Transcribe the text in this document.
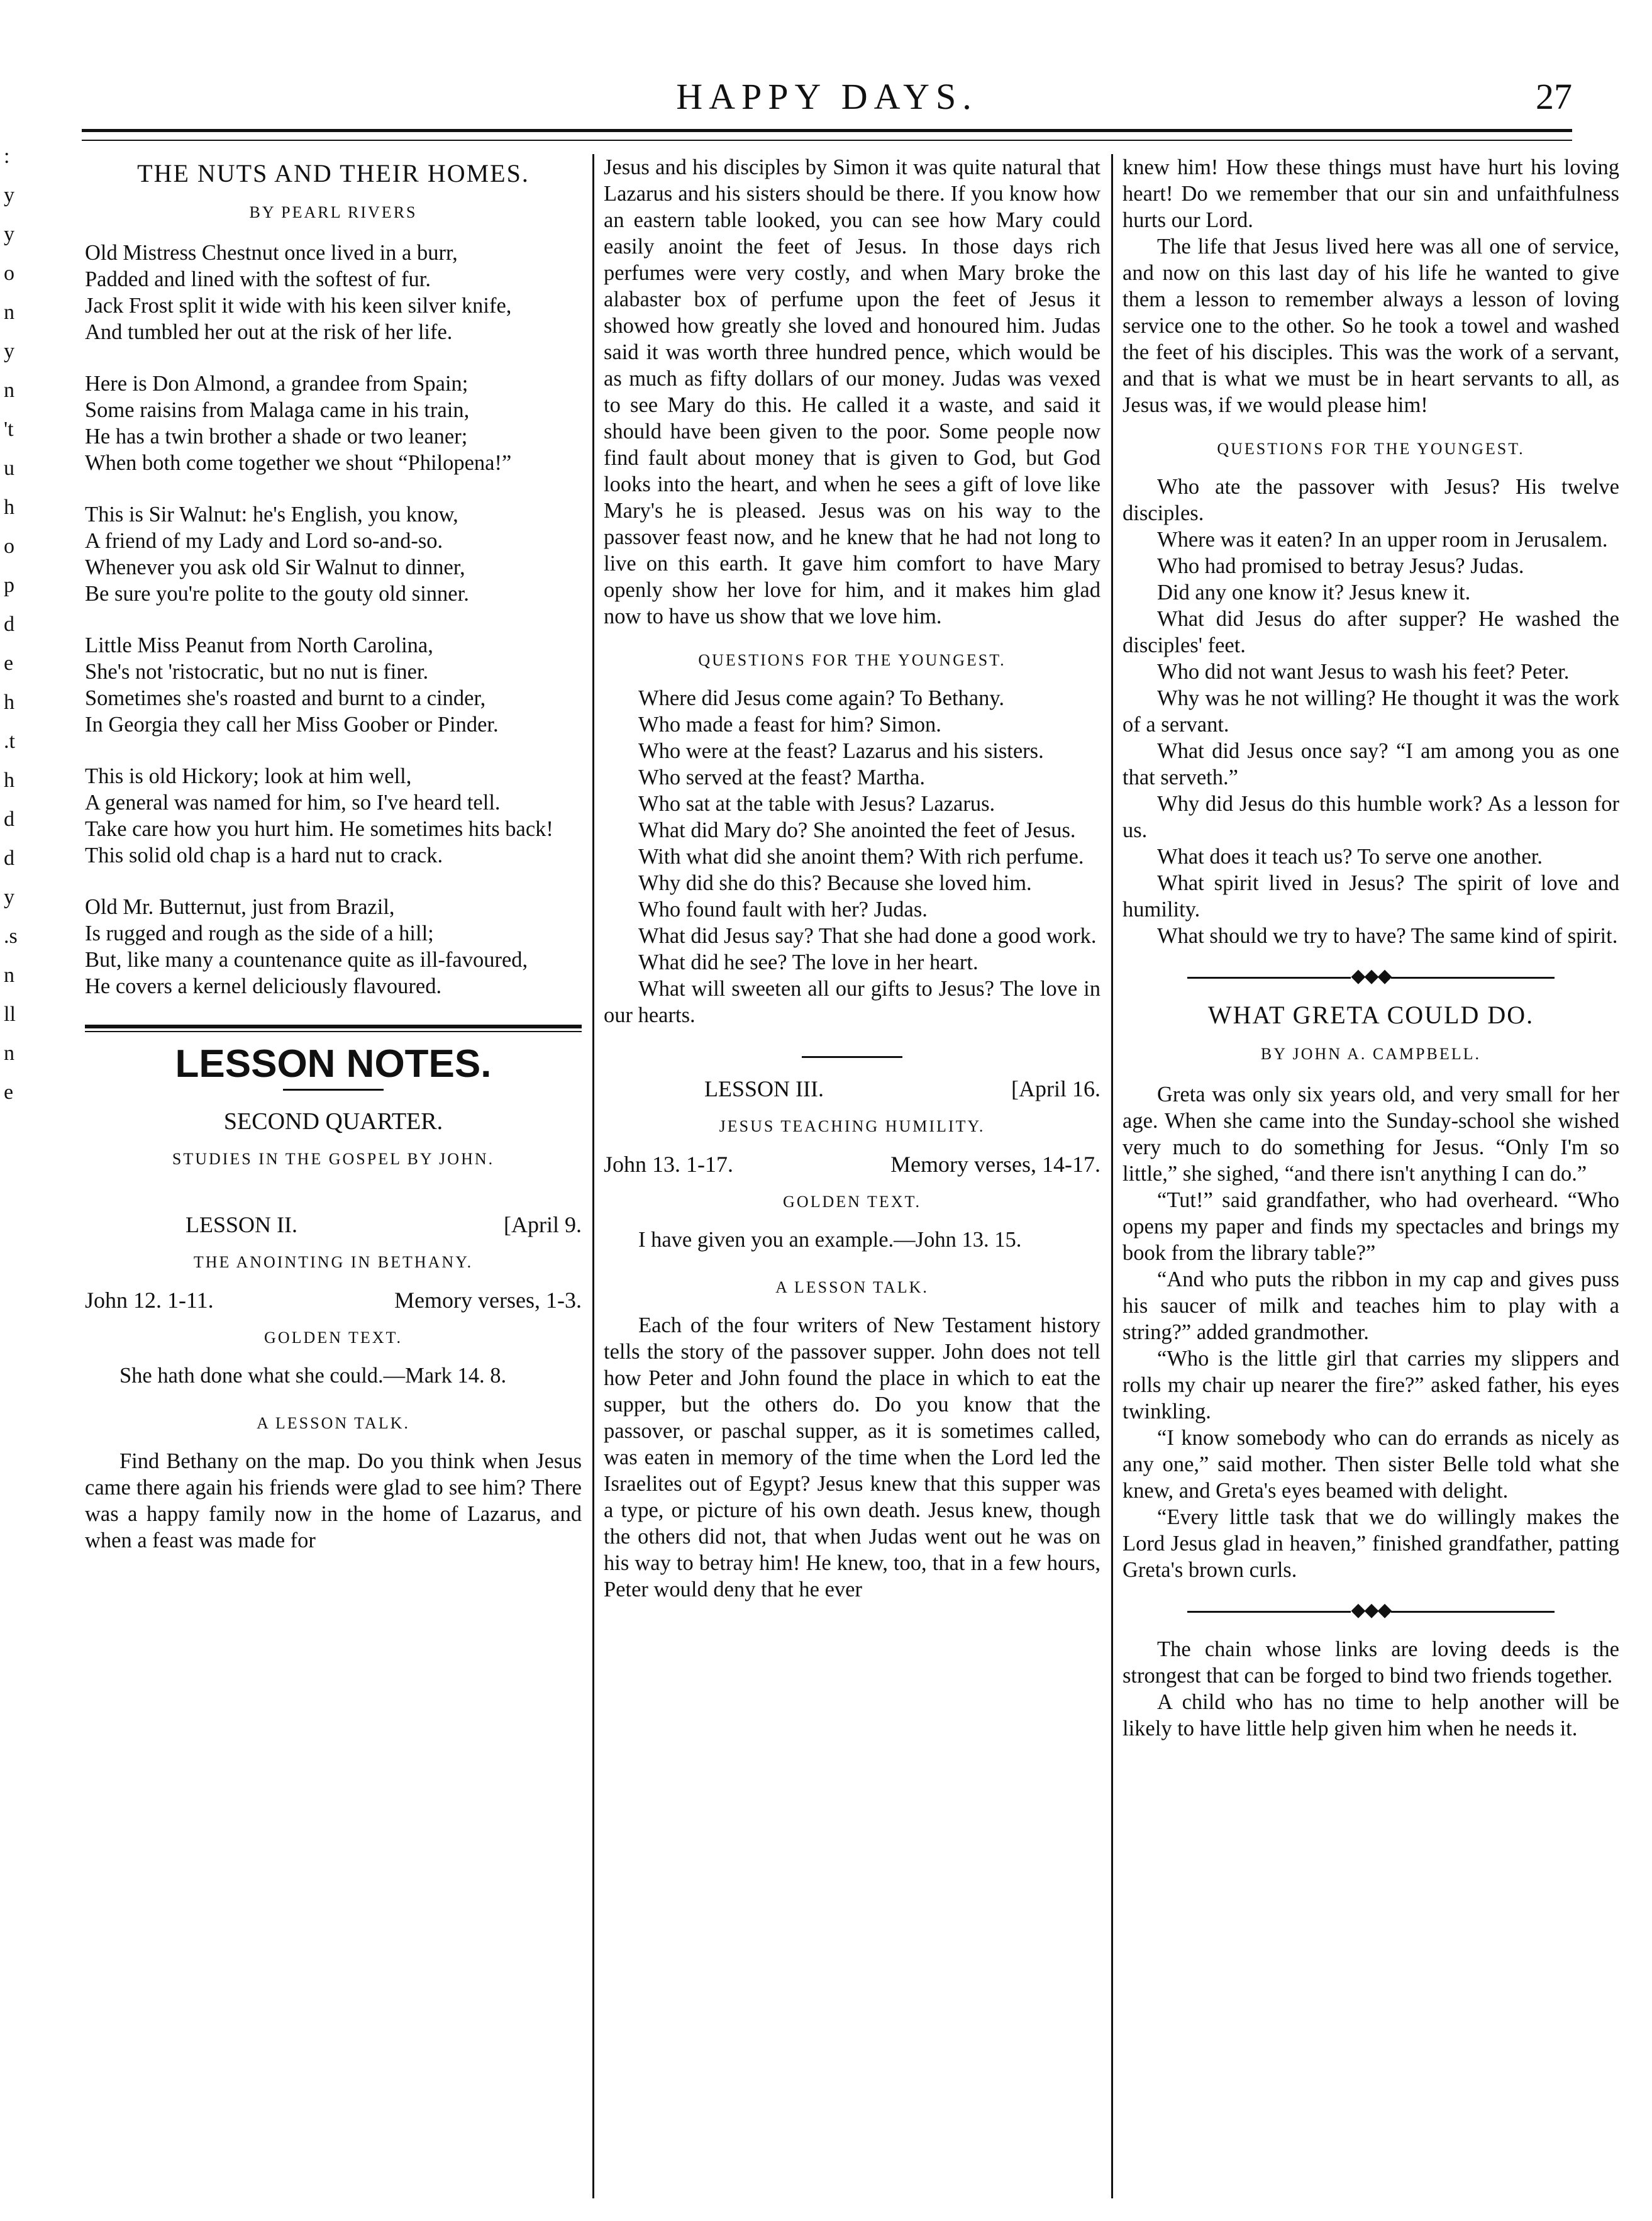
HAPPY DAYS.	27
:
y
y
o
n
y
n
't
u
h
o
p
d
e
h
.t
h
d
d
y
.s
n
ll
n
e
THE NUTS AND THEIR HOMES.
BY PEARL RIVERS

Old Mistress Chestnut once lived in a burr,

Padded and lined with the softest of fur.

Jack Frost split it wide with his keen silver knife,

And tumbled her out at the risk of her life.

Here is Don Almond, a grandee from Spain;

Some raisins from Malaga came in his train,

He has a twin brother a shade or two leaner;

When both come together we shout “Philopena!”

This is Sir Walnut: he's English, you know,

A friend of my Lady and Lord so-and-so.

Whenever you ask old Sir Walnut to dinner,

Be sure you're polite to the gouty old sinner.

Little Miss Peanut from North Carolina,

She's not 'ristocratic, but no nut is finer.

Sometimes she's roasted and burnt to a cinder,

In Georgia they call her Miss Goober or Pinder.

This is old Hickory; look at him well,

A general was named for him, so I've heard tell.

Take care how you hurt him. He sometimes hits back!

This solid old chap is a hard nut to crack.

Old Mr. Butternut, just from Brazil,

Is rugged and rough as the side of a hill;

But, like many a countenance quite as ill-favoured,

He covers a kernel deliciously flavoured.

LESSON NOTES.
SECOND QUARTER.
STUDIES IN THE GOSPEL BY JOHN.
LESSON II.	[April 9.
THE ANOINTING IN BETHANY.
John 12. 1-11.	Memory verses, 1-3.
GOLDEN TEXT.

She hath done what she could.—Mark 14. 8.

A LESSON TALK.

Find Bethany on the map. Do you think when Jesus came there again his friends were glad to see him? There was a happy family now in the home of Lazarus, and when a feast was made for

Jesus and his disciples by Simon it was quite natural that Lazarus and his sisters should be there. If you know how an eastern table looked, you can see how Mary could easily anoint the feet of Jesus. In those days rich perfumes were very costly, and when Mary broke the alabaster box of perfume upon the feet of Jesus it showed how greatly she loved and honoured him. Judas said it was worth three hundred pence, which would be as much as fifty dollars of our money. Judas was vexed to see Mary do this. He called it a waste, and said it should have been given to the poor. Some people now find fault about money that is given to God, but God looks into the heart, and when he sees a gift of love like Mary's he is pleased. Jesus was on his way to the passover feast now, and he knew that he had not long to live on this earth. It gave him comfort to have Mary openly show her love for him, and it makes him glad now to have us show that we love him.

QUESTIONS FOR THE YOUNGEST.

Where did Jesus come again? To Bethany.

Who made a feast for him? Simon.

Who were at the feast? Lazarus and his sisters.

Who served at the feast? Martha.

Who sat at the table with Jesus? Lazarus.

What did Mary do? She anointed the feet of Jesus.

With what did she anoint them? With rich perfume.

Why did she do this? Because she loved him.

Who found fault with her? Judas.

What did Jesus say? That she had done a good work.

What did he see? The love in her heart.

What will sweeten all our gifts to Jesus? The love in our hearts.

LESSON III.	[April 16.
JESUS TEACHING HUMILITY.
John 13. 1-17.	Memory verses, 14-17.
GOLDEN TEXT.

I have given you an example.—John 13. 15.

A LESSON TALK.

Each of the four writers of New Testament history tells the story of the passover supper. John does not tell how Peter and John found the place in which to eat the supper, but the others do. Do you know that the passover, or paschal supper, as it is sometimes called, was eaten in memory of the time when the Lord led the Israelites out of Egypt? Jesus knew that this supper was a type, or picture of his own death. Jesus knew, though the others did not, that when Judas went out he was on his way to betray him! He knew, too, that in a few hours, Peter would deny that he ever

knew him! How these things must have hurt his loving heart! Do we remember that our sin and unfaithfulness hurts our Lord.

The life that Jesus lived here was all one of service, and now on this last day of his life he wanted to give them a lesson to remember always a lesson of loving service one to the other. So he took a towel and washed the feet of his disciples. This was the work of a servant, and that is what we must be in heart servants to all, as Jesus was, if we would please him!

QUESTIONS FOR THE YOUNGEST.

Who ate the passover with Jesus? His twelve disciples.

Where was it eaten? In an upper room in Jerusalem.

Who had promised to betray Jesus? Judas.

Did any one know it? Jesus knew it.

What did Jesus do after supper? He washed the disciples' feet.

Who did not want Jesus to wash his feet? Peter.

Why was he not willing? He thought it was the work of a servant.

What did Jesus once say? “I am among you as one that serveth.”

Why did Jesus do this humble work? As a lesson for us.

What does it teach us? To serve one another.

What spirit lived in Jesus? The spirit of love and humility.

What should we try to have? The same kind of spirit.

◆◆◆
WHAT GRETA COULD DO.
BY JOHN A. CAMPBELL.

Greta was only six years old, and very small for her age. When she came into the Sunday-school she wished very much to do something for Jesus. “Only I'm so little,” she sighed, “and there isn't anything I can do.”

“Tut!” said grandfather, who had overheard. “Who opens my paper and finds my spectacles and brings my book from the library table?”

“And who puts the ribbon in my cap and gives puss his saucer of milk and teaches him to play with a string?” added grandmother.

“Who is the little girl that carries my slippers and rolls my chair up nearer the fire?” asked father, his eyes twinkling.

“I know somebody who can do errands as nicely as any one,” said mother. Then sister Belle told what she knew, and Greta's eyes beamed with delight.

“Every little task that we do willingly makes the Lord Jesus glad in heaven,” finished grandfather, patting Greta's brown curls.

◆◆◆

The chain whose links are loving deeds is the strongest that can be forged to bind two friends together.

A child who has no time to help another will be likely to have little help given him when he needs it.
